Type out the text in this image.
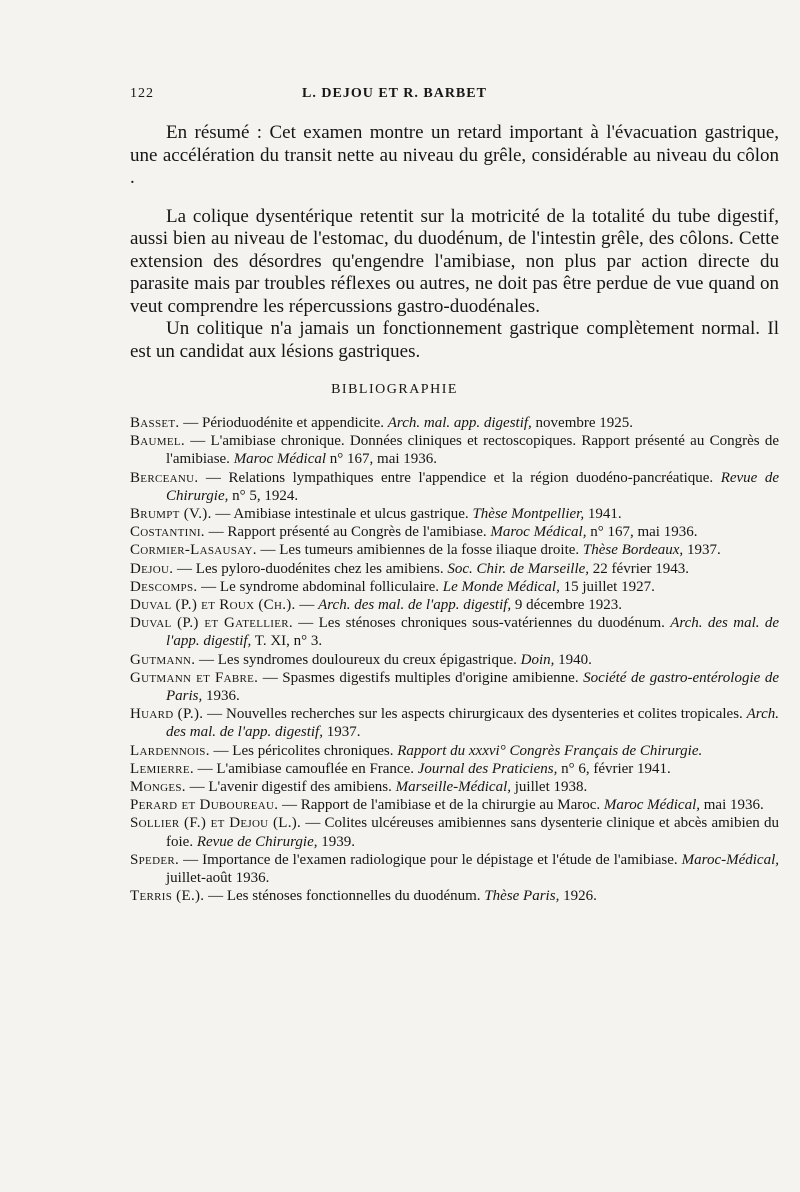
122	L. DEJOU ET R. BARBET

En résumé : Cet examen montre un retard important à l'évacuation gastrique, une accélération du transit nette au niveau du grêle, considérable au niveau du côlon .

La colique dysentérique retentit sur la motricité de la totalité du tube digestif, aussi bien au niveau de l'estomac, du duodénum, de l'intestin grêle, des côlons. Cette extension des désordres qu'engendre l'amibiase, non plus par action directe du parasite mais par troubles réflexes ou autres, ne doit pas être perdue de vue quand on veut comprendre les répercussions gastro-duodénales.

Un colitique n'a jamais un fonctionnement gastrique complètement normal. Il est un candidat aux lésions gastriques.

BIBLIOGRAPHIE

Basset. — Périoduodénite et appendicite. Arch. mal. app. digestif, novembre 1925.

Baumel. — L'amibiase chronique. Données cliniques et rectoscopiques. Rapport présenté au Congrès de l'amibiase. Maroc Médical n° 167, mai 1936.

Berceanu. — Relations lympathiques entre l'appendice et la région duodéno-pancréatique. Revue de Chirurgie, n° 5, 1924.

Brumpt (V.). — Amibiase intestinale et ulcus gastrique. Thèse Montpellier, 1941.

Costantini. — Rapport présenté au Congrès de l'amibiase. Maroc Médical, n° 167, mai 1936.

Cormier-Lasausay. — Les tumeurs amibiennes de la fosse iliaque droite. Thèse Bordeaux, 1937.

Dejou. — Les pyloro-duodénites chez les amibiens. Soc. Chir. de Marseille, 22 février 1943.

Descomps. — Le syndrome abdominal folliculaire. Le Monde Médical, 15 juillet 1927.

Duval (P.) et Roux (Ch.). — Arch. des mal. de l'app. digestif, 9 décembre 1923.

Duval (P.) et Gatellier. — Les sténoses chroniques sous-vatériennes du duodénum. Arch. des mal. de l'app. digestif, T. XI, n° 3.

Gutmann. — Les syndromes douloureux du creux épigastrique. Doin, 1940.

Gutmann et Fabre. — Spasmes digestifs multiples d'origine amibienne. Société de gastro-entérologie de Paris, 1936.

Huard (P.). — Nouvelles recherches sur les aspects chirurgicaux des dysenteries et colites tropicales. Arch. des mal. de l'app. digestif, 1937.

Lardennois. — Les péricolites chroniques. Rapport du xxxvi° Congrès Français de Chirurgie.

Lemierre. — L'amibiase camouflée en France. Journal des Praticiens, n° 6, février 1941.

Monges. — L'avenir digestif des amibiens. Marseille-Médical, juillet 1938.

Perard et Duboureau. — Rapport de l'amibiase et de la chirurgie au Maroc. Maroc Médical, mai 1936.

Sollier (F.) et Dejou (L.). — Colites ulcéreuses amibiennes sans dysenterie clinique et abcès amibien du foie. Revue de Chirurgie, 1939.

Speder. — Importance de l'examen radiologique pour le dépistage et l'étude de l'amibiase. Maroc-Médical, juillet-août 1936.

Terris (E.). — Les sténoses fonctionnelles du duodénum. Thèse Paris, 1926.
